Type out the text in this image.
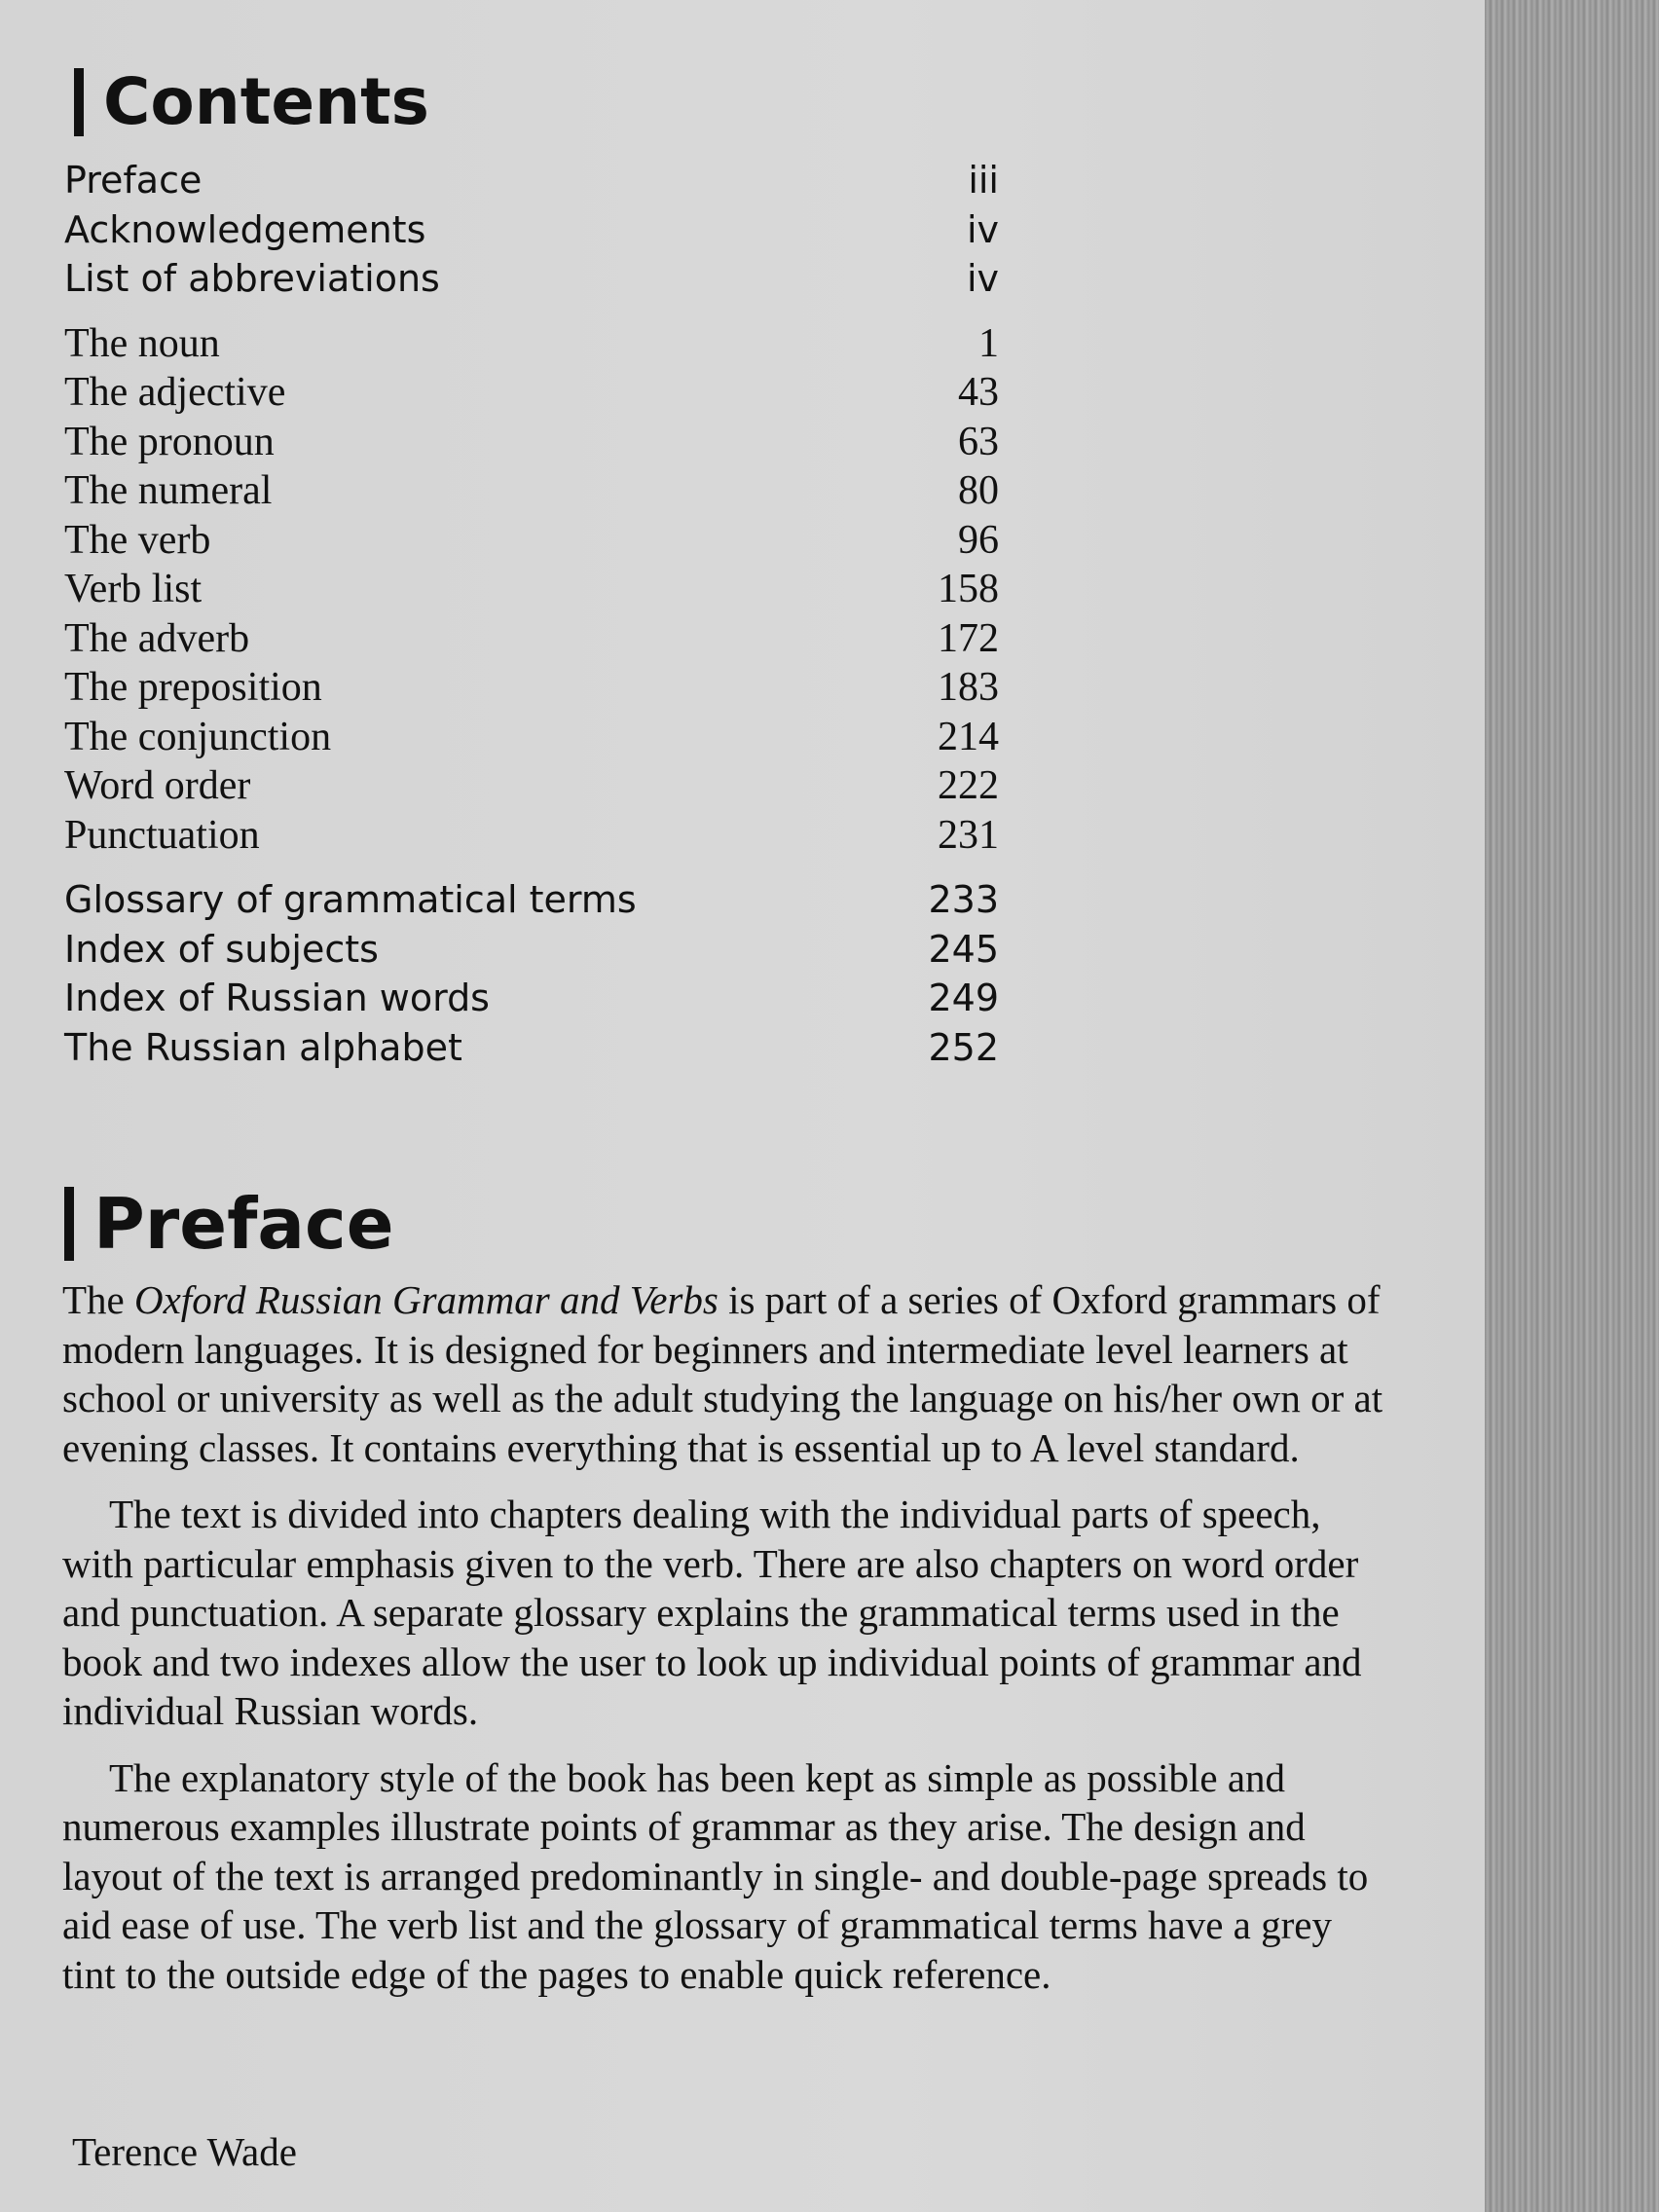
Contents
Preface	iii
Acknowledgements	iv
List of abbreviations	iv
The noun	1
The adjective	43
The pronoun	63
The numeral	80
The verb	96
Verb list	158
The adverb	172
The preposition	183
The conjunction	214
Word order	222
Punctuation	231
Glossary of grammatical terms	233
Index of subjects	245
Index of Russian words	249
The Russian alphabet	252
Preface

The Oxford Russian Grammar and Verbs is part of a series of Oxford grammars of modern languages. It is designed for beginners and intermediate level learners at school or university as well as the adult studying the language on his/her own or at evening classes. It contains everything that is essential up to A level standard.

The text is divided into chapters dealing with the individual parts of speech, with particular emphasis given to the verb. There are also chapters on word order and punctuation. A separate glossary explains the grammatical terms used in the book and two indexes allow the user to look up individual points of grammar and individual Russian words.

The explanatory style of the book has been kept as simple as possible and numerous examples illustrate points of grammar as they arise. The design and layout of the text is arranged predominantly in single- and double-page spreads to aid ease of use. The verb list and the glossary of grammatical terms have a grey tint to the outside edge of the pages to enable quick reference.

Terence Wade
